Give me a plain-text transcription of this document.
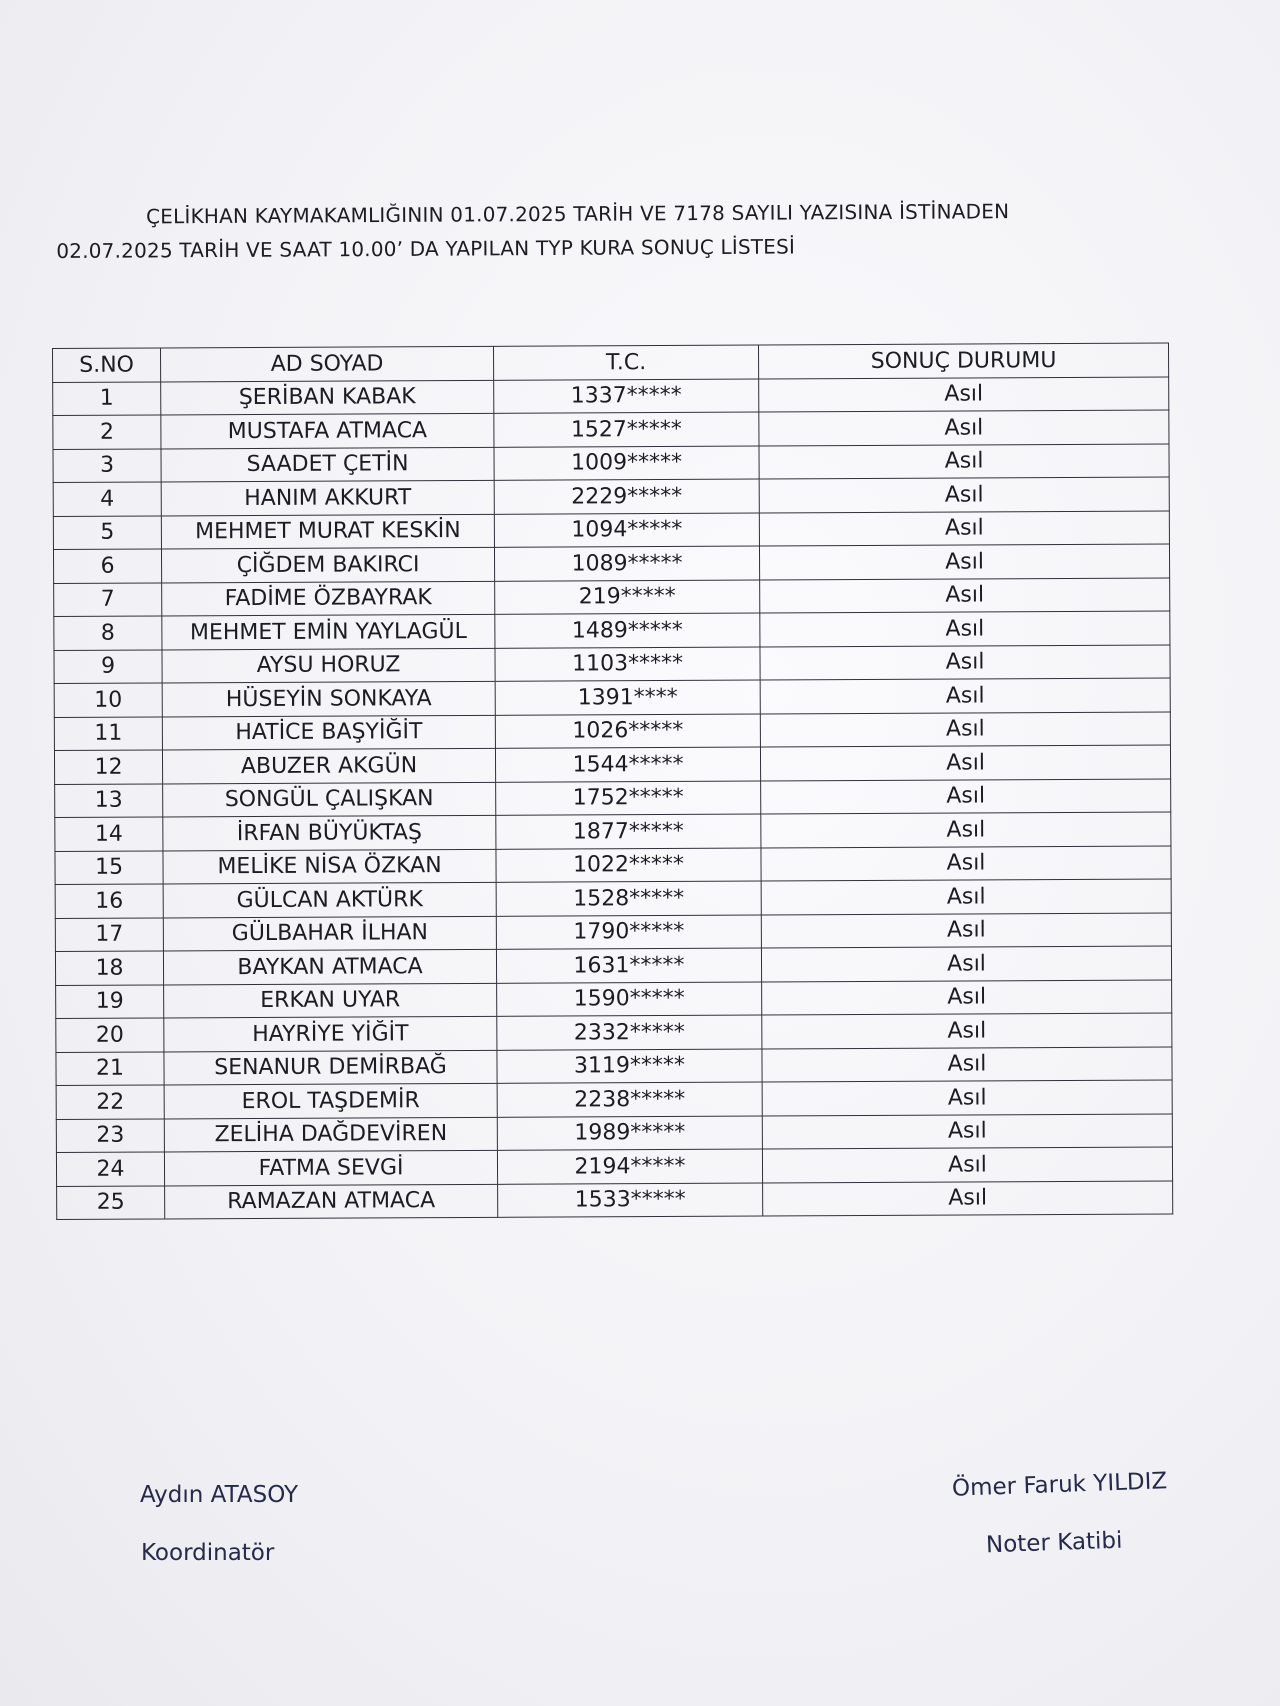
ÇELİKHAN KAYMAKAMLIĞININ 01.07.2025 TARİH VE 7178 SAYILI YAZISINA İSTİNADEN
02.07.2025 TARİH VE SAAT 10.00’ DA YAPILAN TYP KURA SONUÇ LİSTESİ
S.NO	AD SOYAD	T.C.	SONUÇ DURUMU
1	ŞERİBAN KABAK	1337*****	Asıl
2	MUSTAFA ATMACA	1527*****	Asıl
3	SAADET ÇETİN	1009*****	Asıl
4	HANIM AKKURT	2229*****	Asıl
5	MEHMET MURAT KESKİN	1094*****	Asıl
6	ÇİĞDEM BAKIRCI	1089*****	Asıl
7	FADİME ÖZBAYRAK	219*****	Asıl
8	MEHMET EMİN YAYLAGÜL	1489*****	Asıl
9	AYSU HORUZ	1103*****	Asıl
10	HÜSEYİN SONKAYA	1391****	Asıl
11	HATİCE BAŞYİĞİT	1026*****	Asıl
12	ABUZER AKGÜN	1544*****	Asıl
13	SONGÜL ÇALIŞKAN	1752*****	Asıl
14	İRFAN BÜYÜKTAŞ	1877*****	Asıl
15	MELİKE NİSA ÖZKAN	1022*****	Asıl
16	GÜLCAN AKTÜRK	1528*****	Asıl
17	GÜLBAHAR İLHAN	1790*****	Asıl
18	BAYKAN ATMACA	1631*****	Asıl
19	ERKAN UYAR	1590*****	Asıl
20	HAYRİYE YİĞİT	2332*****	Asıl
21	SENANUR DEMİRBAĞ	3119*****	Asıl
22	EROL TAŞDEMİR	2238*****	Asıl
23	ZELİHA DAĞDEVİREN	1989*****	Asıl
24	FATMA SEVGİ	2194*****	Asıl
25	RAMAZAN ATMACA	1533*****	Asıl
Aydın ATASOY
Koordinatör
Ömer Faruk YILDIZ
Noter Katibi
